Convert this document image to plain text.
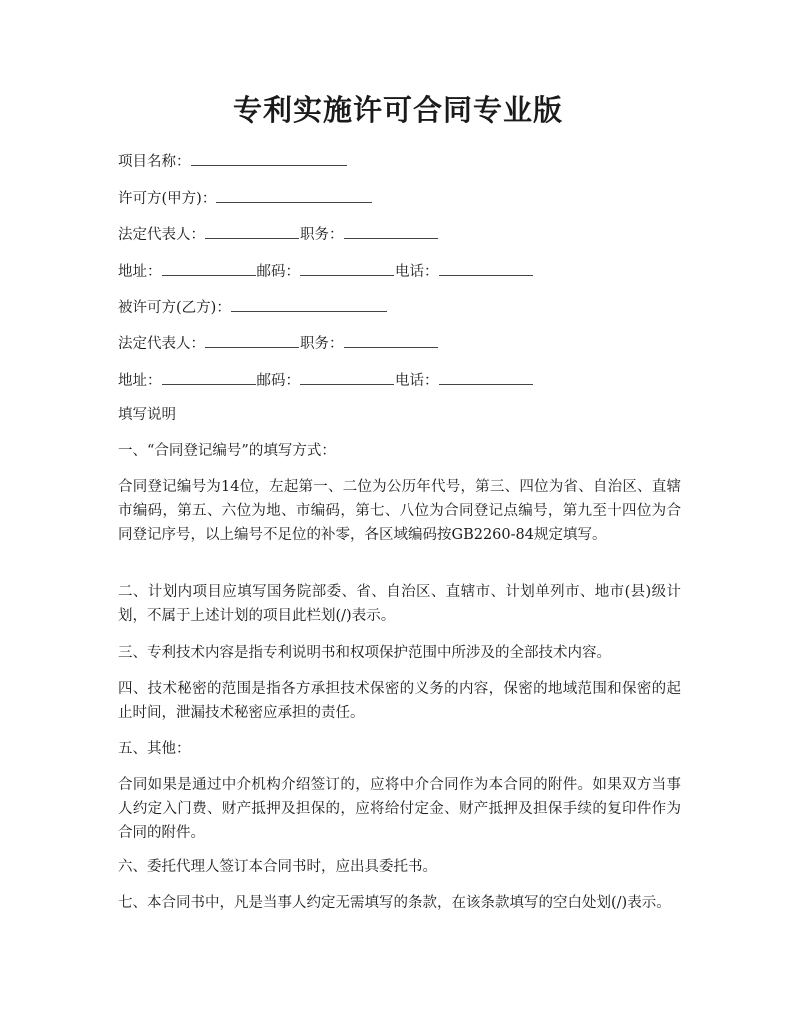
专利实施许可合同专业版
项目名称：
许可方(甲方)：
法定代表人：	职务：
地址：	邮码：	电话：
被许可方(乙方)：
法定代表人：	职务：
地址：	邮码：	电话：
填写说明
一、“合同登记编号”的填写方式：
合同登记编号为14位，左起第一、二位为公历年代号，第三、四位为省、自治区、直辖市编码，第五、六位为地、市编码，第七、八位为合同登记点编号，第九至十四位为合同登记序号，以上编号不足位的补零，各区域编码按GB2260-84规定填写。
二、计划内项目应填写国务院部委、省、自治区、直辖市、计划单列市、地市(县)级计划，不属于上述计划的项目此栏划(/)表示。
三、专利技术内容是指专利说明书和权项保护范围中所涉及的全部技术内容。
四、技术秘密的范围是指各方承担技术保密的义务的内容，保密的地域范围和保密的起止时间，泄漏技术秘密应承担的责任。
五、其他：
合同如果是通过中介机构介绍签订的，应将中介合同作为本合同的附件。如果双方当事人约定入门费、财产抵押及担保的，应将给付定金、财产抵押及担保手续的复印件作为合同的附件。
六、委托代理人签订本合同书时，应出具委托书。
七、本合同书中，凡是当事人约定无需填写的条款，在该条款填写的空白处划(/)表示。
